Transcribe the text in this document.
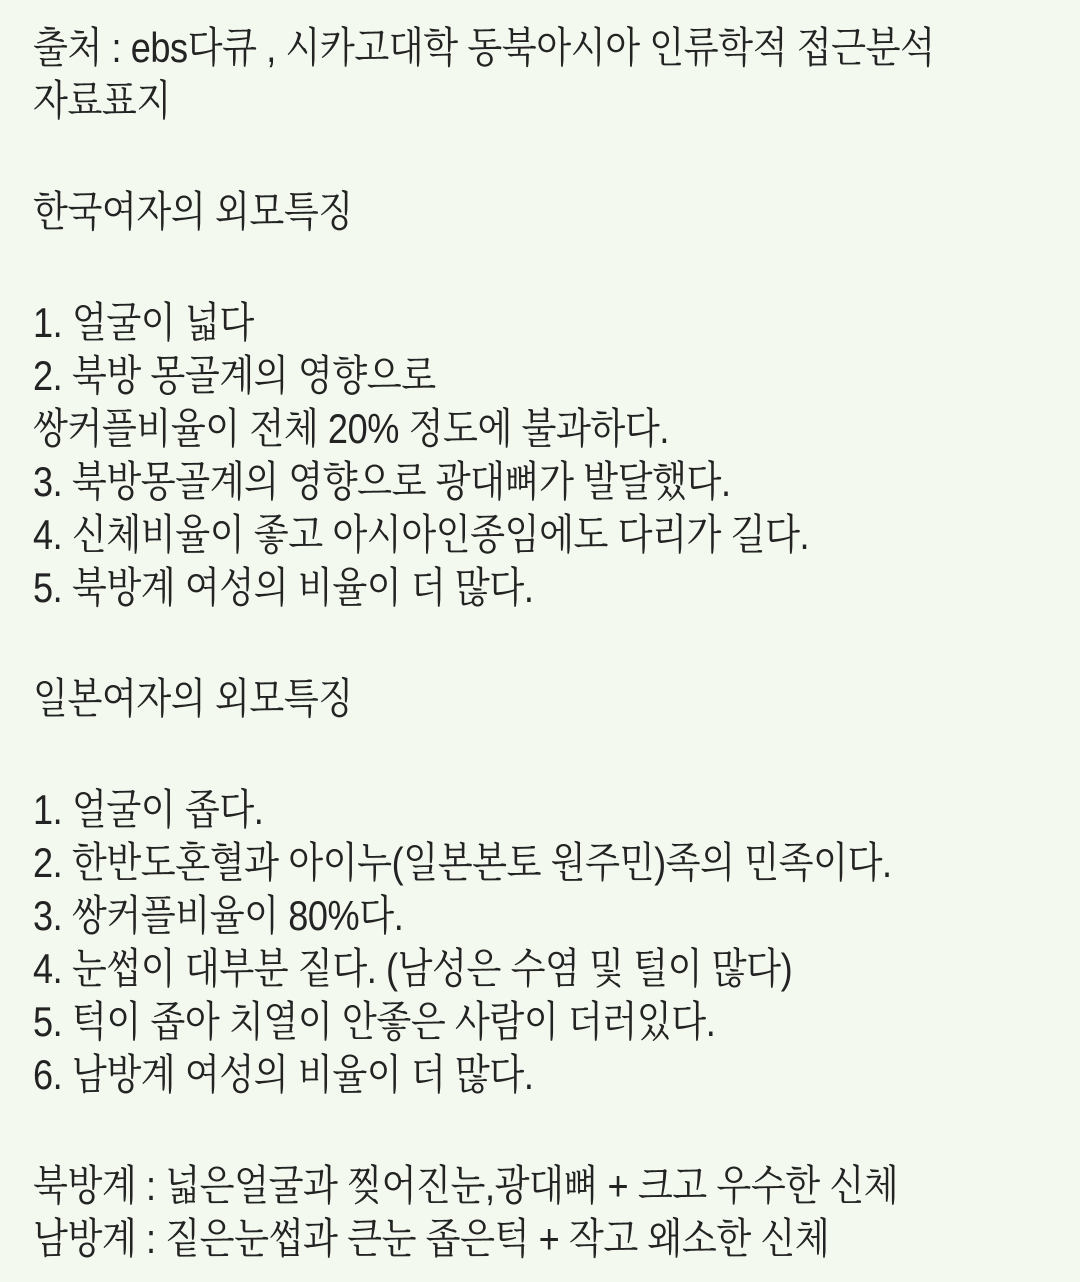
출처 : ebs다큐 , 시카고대학 동북아시아 인류학적 접근분석
자료표지
한국여자의 외모특징
1. 얼굴이 넓다
2. 북방 몽골계의 영향으로
쌍커플비율이 전체 20% 정도에 불과하다.
3. 북방몽골계의 영향으로 광대뼈가 발달했다.
4. 신체비율이 좋고 아시아인종임에도 다리가 길다.
5. 북방계 여성의 비율이 더 많다.
일본여자의 외모특징
1. 얼굴이 좁다.
2. 한반도혼혈과 아이누(일본본토 원주민)족의 민족이다.
3. 쌍커플비율이 80%다.
4. 눈썹이 대부분 짙다. (남성은 수염 및 털이 많다)
5. 턱이 좁아 치열이 안좋은 사람이 더러있다.
6. 남방계 여성의 비율이 더 많다.
북방계 : 넓은얼굴과 찢어진눈,광대뼈 + 크고 우수한 신체
남방계 : 짙은눈썹과 큰눈 좁은턱 + 작고 왜소한 신체
